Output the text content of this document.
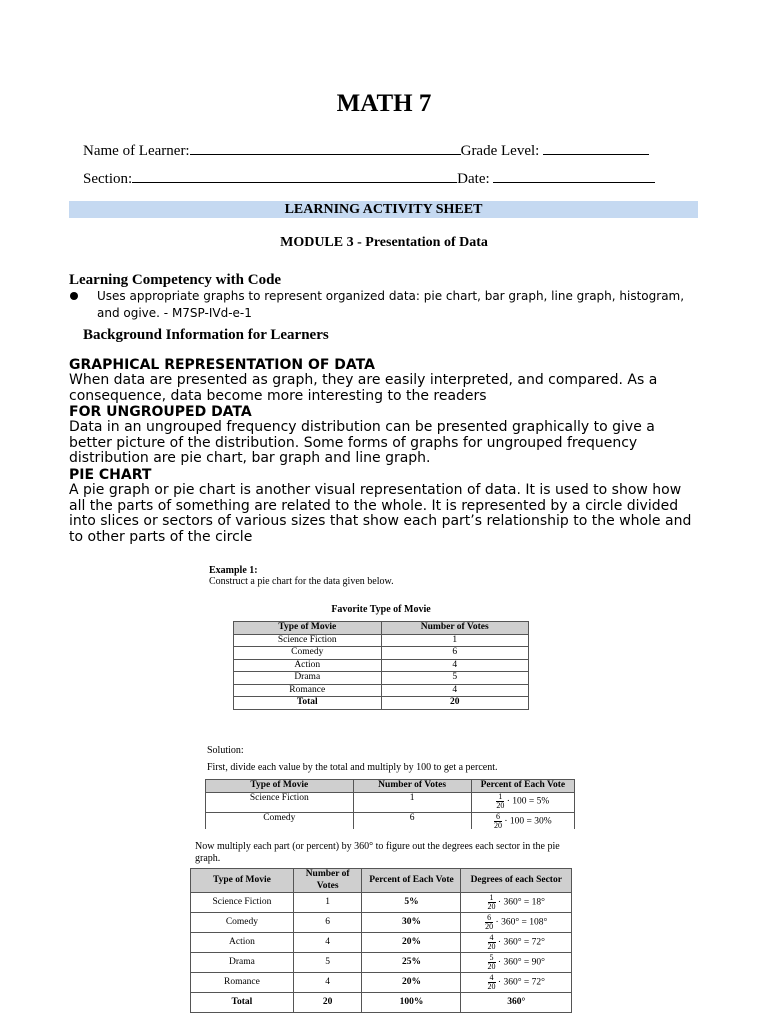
MATH 7
Name of Learner:	Grade Level:
Section:	Date:
LEARNING ACTIVITY SHEET
MODULE 3 - Presentation of Data
Learning Competency with Code
Uses appropriate graphs to represent organized data: pie chart, bar graph, line graph, histogram, and ogive. - M7SP-IVd-e-1
Background Information for Learners
GRAPHICAL REPRESENTATION OF DATA
When data are presented as graph, they are easily interpreted, and compared. As a consequence, data become more interesting to the readers
FOR UNGROUPED DATA
Data in an ungrouped frequency distribution can be presented graphically to give a better picture of the distribution. Some forms of graphs for ungrouped frequency distribution are pie chart, bar graph and line graph.
PIE CHART
A pie graph or pie chart is another visual representation of data. It is used to show how all the parts of something are related to the whole. It is represented by a circle divided into slices or sectors of various sizes that show each part’s relationship to the whole and to other parts of the circle
Example 1:
Construct a pie chart for the data given below.
Favorite Type of Movie
Type of Movie	Number of Votes
Science Fiction	1
Comedy	6
Action	4
Drama	5
Romance	4
Total	20
Solution:
First, divide each value by the total and multiply by 100 to get a percent.
Type of Movie	Number of Votes	Percent of Each Vote
Science Fiction	1	$\frac{1}{20} \cdot 100 = 5\%$
Comedy	6	$\frac{6}{20} \cdot 100 = 30\%$
Now multiply each part (or percent) by 360° to figure out the degrees each sector in the pie graph.
Type of Movie	Number of Votes	Percent of Each Vote	Degrees of each Sector
Science Fiction	1	5%	$\frac{1}{20} \cdot 360^\circ = 18^\circ$
Comedy	6	30%	$\frac{6}{20} \cdot 360^\circ = 108^\circ$
Action	4	20%	$\frac{4}{20} \cdot 360^\circ = 72^\circ$
Drama	5	25%	$\frac{5}{20} \cdot 360^\circ = 90^\circ$
Romance	4	20%	$\frac{4}{20} \cdot 360^\circ = 72^\circ$
Total	20	100%	360°
